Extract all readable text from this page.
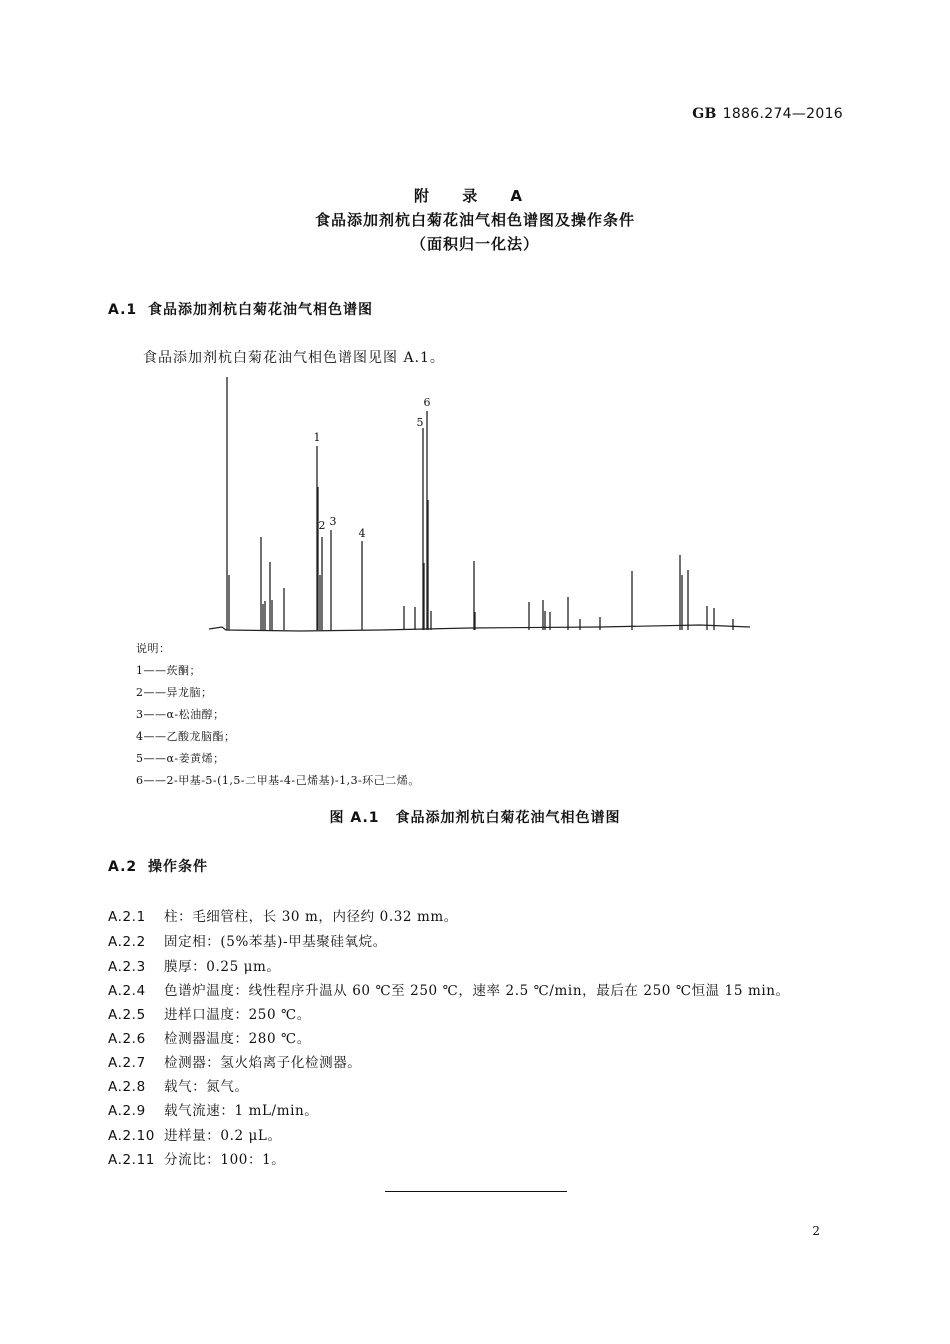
GB 1886.274—2016
附 录 A
食品添加剂杭白菊花油气相色谱图及操作条件
（面积归一化法）
A.1 食品添加剂杭白菊花油气相色谱图
食品添加剂杭白菊花油气相色谱图见图 A.1。
1
2 3
4
5
6
说明：
1——莰酮；
2——异龙脑；
3——α-松油醇；
4——乙酸龙脑酯；
5——α-姜黄烯；
6——2-甲基-5-(1,5-二甲基-4-己烯基)-1,3-环己二烯。
图 A.1 食品添加剂杭白菊花油气相色谱图
A.2 操作条件
A.2.1 柱：毛细管柱，长 30 m，内径约 0.32 mm。
A.2.2 固定相：(5%苯基)-甲基聚硅氧烷。
A.2.3 膜厚：0.25 μm。
A.2.4 色谱炉温度：线性程序升温从 60 ℃至 250 ℃，速率 2.5 ℃/min，最后在 250 ℃恒温 15 min。
A.2.5 进样口温度：250 ℃。
A.2.6 检测器温度：280 ℃。
A.2.7 检测器：氢火焰离子化检测器。
A.2.8 载气：氮气。
A.2.9 载气流速：1 mL/min。
A.2.10 进样量：0.2 μL。
A.2.11 分流比：100：1。
2
